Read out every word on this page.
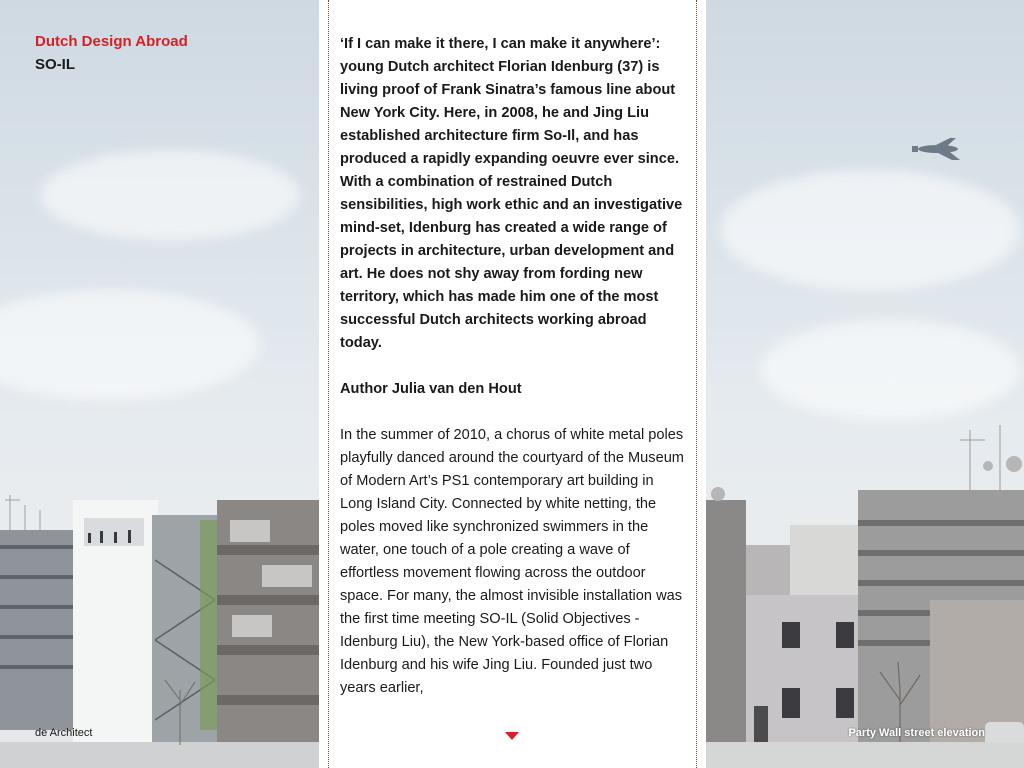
Dutch Design Abroad
SO-IL

‘If I can make it there, I can make it anywhere’: young Dutch architect Florian Idenburg (37) is living proof of Frank Sinatra’s famous line about New York City. Here, in 2008, he and Jing Liu established architecture firm So-Il, and has produced a rapidly expanding oeuvre ever since. With a combination of restrained Dutch sensibilities, high work ethic and an investigative mind-set, Idenburg has created a wide range of projects in architecture, urban development and art. He does not shy away from fording new territory, which has made him one of the most successful Dutch architects working abroad today.

Author Julia van den Hout

In the summer of 2010, a chorus of white metal poles playfully danced around the courtyard of the Museum of Modern Art’s PS1 contemporary art building in Long Island City. Connected by white netting, the poles moved like synchronized swimmers in the water, one touch of a pole creating a wave of effortless movement flowing across the outdoor space. For many, the almost invisible installation was the first time meeting SO-IL (Solid Objectives - Idenburg Liu), the New York-based office of Florian Idenburg and his wife Jing Liu. Founded just two years earlier,

de Architect	Party Wall street elevation
